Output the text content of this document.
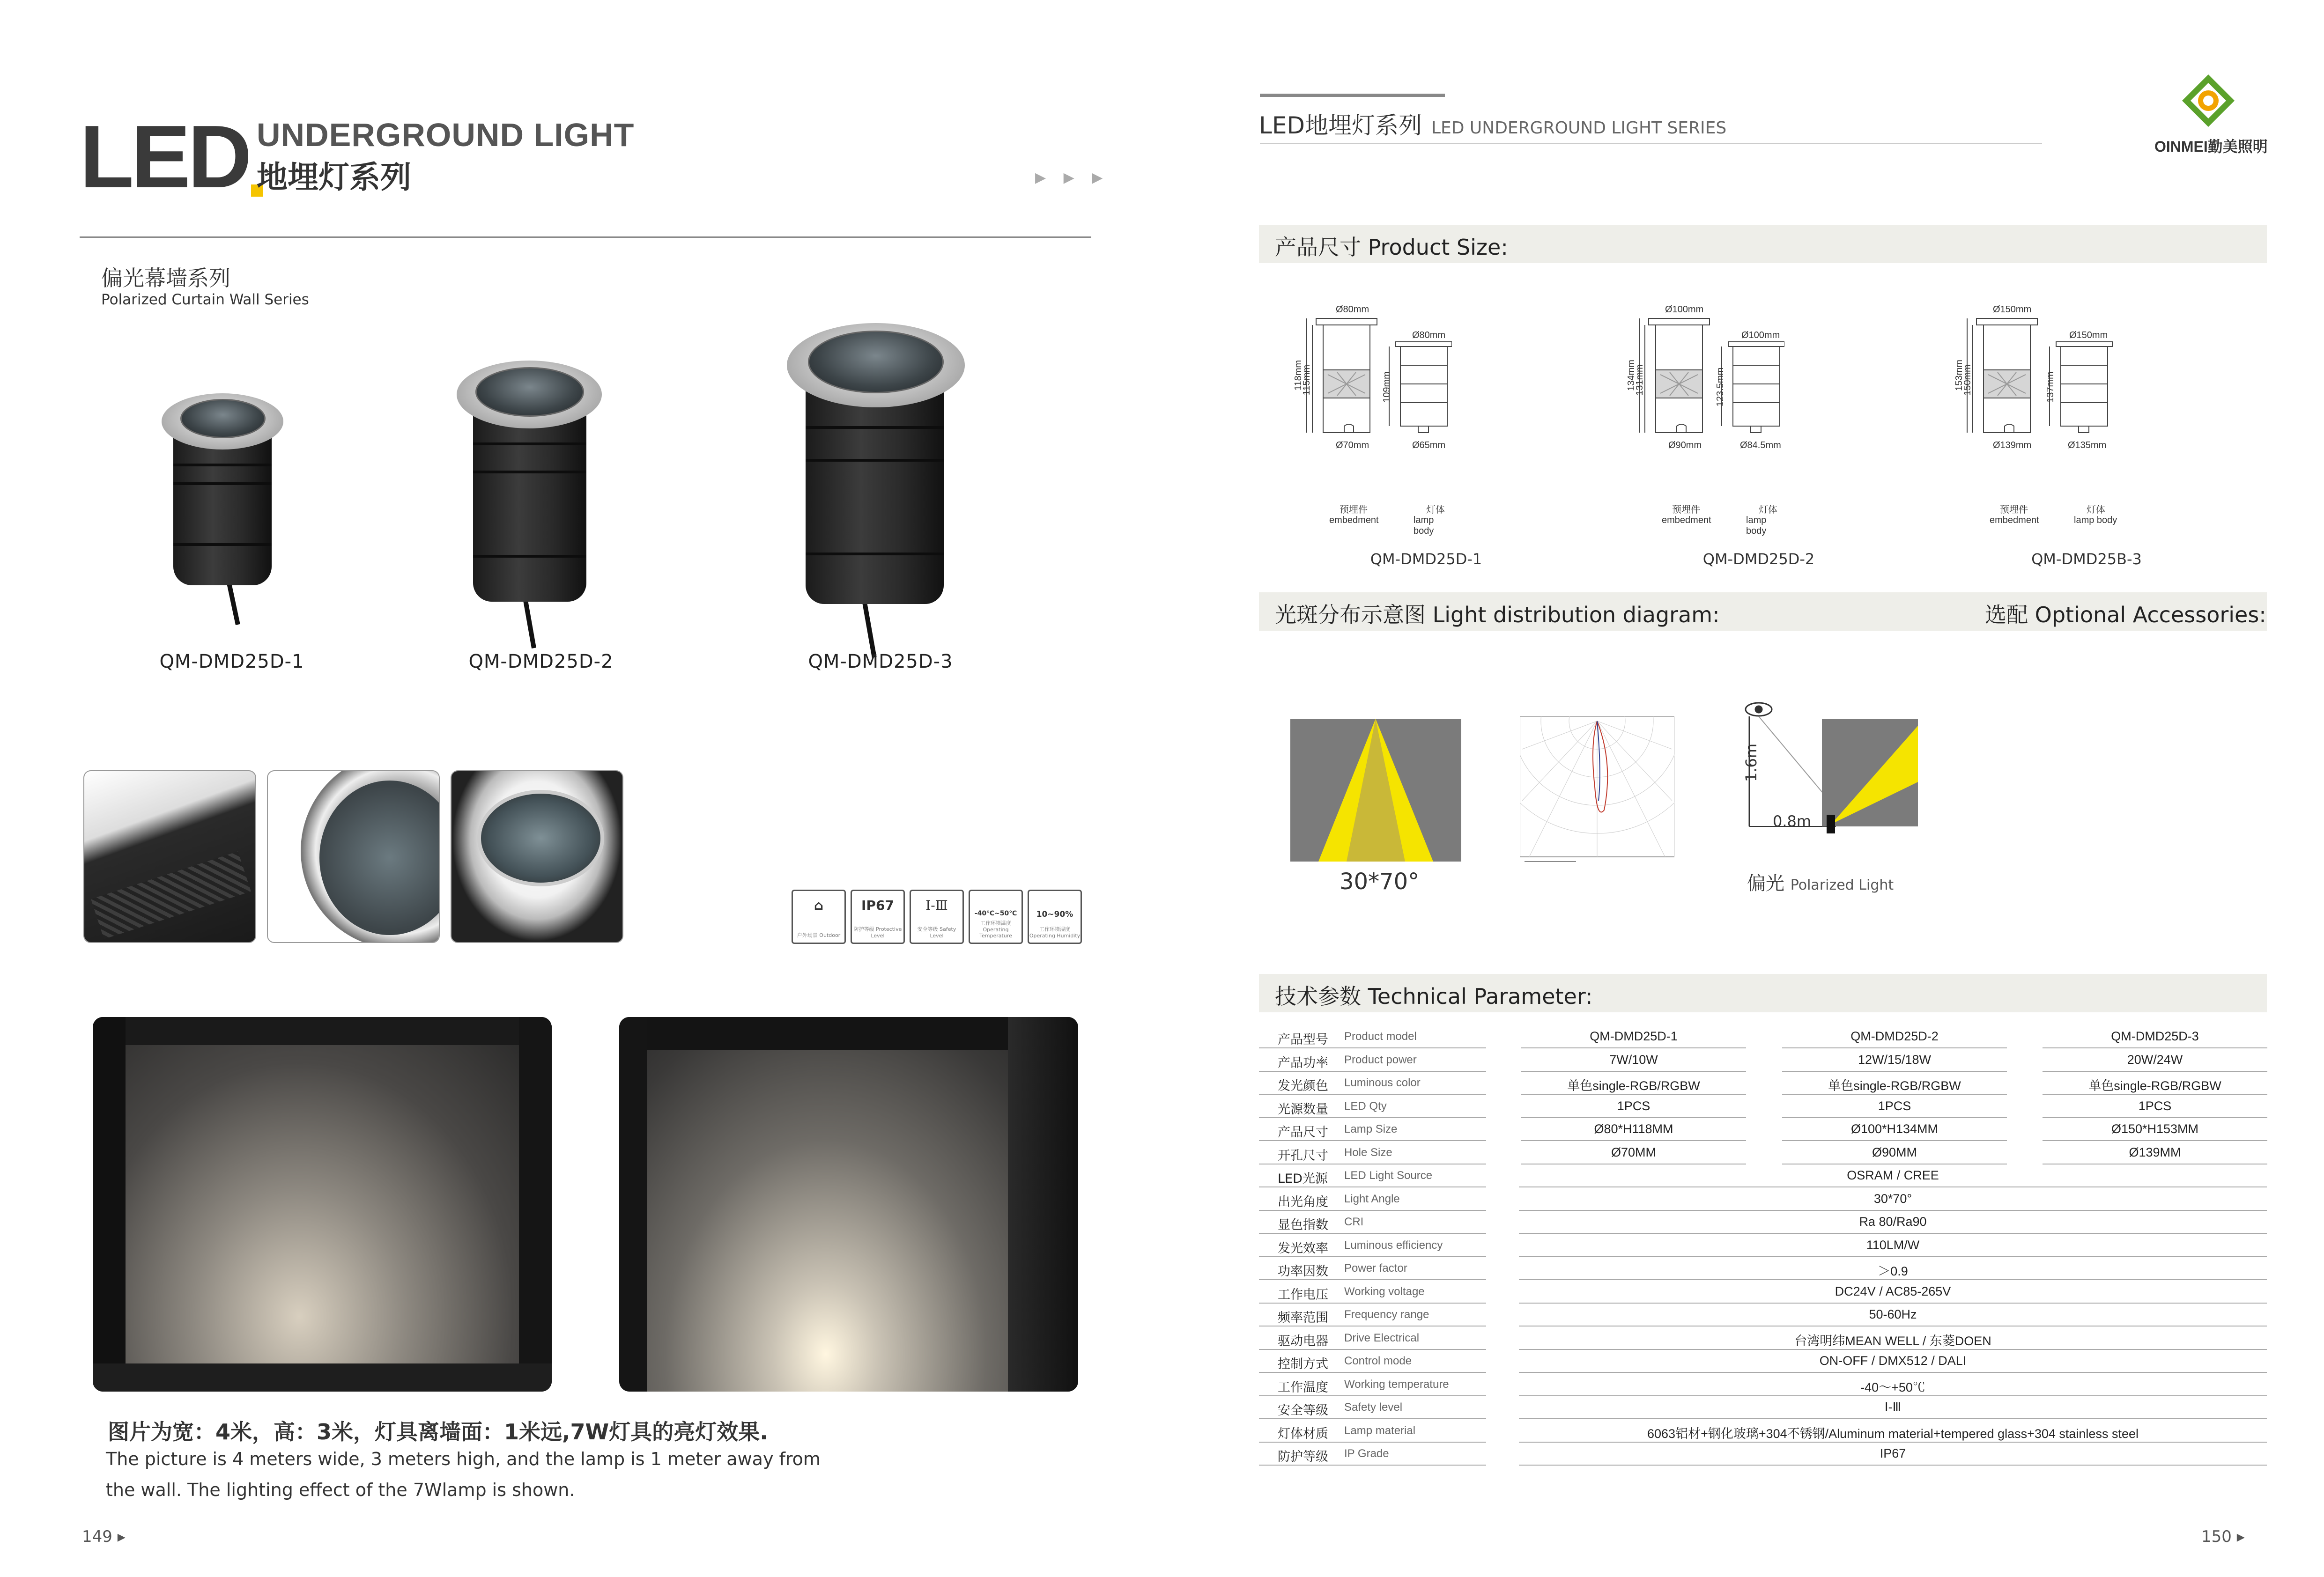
LED UNDERGROUND LIGHT
地埋灯系列	▶ ▶ ▶
偏光幕墙系列
Polarized Curtain Wall Series
QM-DMD25D-1	QM-DMD25D-2	QM-DMD25D-3
⌂
户外场景 Outdoor
IP67
防护等级 Protective Level
Ⅰ-Ⅲ
安全等级 Safety Level
-40℃~50℃
工作环境温度 Operating Temperature
10~90%
工作环境湿度 Operating Humidity
图片为宽：4米，高：3米，灯具离墙面：1米远,7W灯具的亮灯效果.
The picture is 4 meters wide, 3 meters high, and the lamp is 1 meter away from
the wall. The lighting effect of the 7Wlamp is shown.
149 ▸
LED地埋灯系列 LED UNDERGROUND LIGHT SERIES
OINMEI勤美照明
产品尺寸 Product Size:
Ø80mm
Ø70mm
118mm
115mm
Ø80mm
Ø65mm
109mm
预埋件
embedment
灯体
lamp body
QM-DMD25D-1
Ø100mm
Ø90mm
134mm
131mm
Ø100mm
Ø84.5mm
123.5mm
预埋件
embedment
灯体
lamp body
QM-DMD25D-2
Ø150mm
Ø139mm
153mm
150mm
Ø150mm
Ø135mm
137mm
预埋件
embedment
灯体
lamp body
QM-DMD25B-3
光斑分布示意图 Light distribution diagram:	选配 Optional Accessories:
30*70°
1.6m
0.8m
偏光 Polarized Light
技术参数 Technical Parameter:
产品型号 Product model	QM-DMD25D-1	QM-DMD25D-2	QM-DMD25D-3
产品功率 Product power	7W/10W	12W/15/18W	20W/24W
发光颜色 Luminous color	单色single-RGB/RGBW	单色single-RGB/RGBW	单色single-RGB/RGBW
光源数量 LED Qty	1PCS	1PCS	1PCS
产品尺寸 Lamp Size	Ø80*H118MM	Ø100*H134MM	Ø150*H153MM
开孔尺寸 Hole Size	Ø70MM	Ø90MM	Ø139MM
LED光源 LED Light Source	OSRAM / CREE
出光角度 Light Angle	30*70°
显色指数 CRI	Ra 80/Ra90
发光效率 Luminous efficiency	110LM/W
功率因数 Power factor	＞0.9
工作电压 Working voltage	DC24V / AC85-265V
频率范围 Frequency range	50-60Hz
驱动电器 Drive Electrical	台湾明纬MEAN WELL / 东菱DOEN
控制方式 Control mode	ON-OFF / DMX512 / DALI
工作温度 Working temperature	-40～+50℃
安全等级 Safety level	Ⅰ-Ⅲ
灯体材质 Lamp material	6063铝材+钢化玻璃+304不锈钢/Aluminum material+tempered glass+304 stainless steel
防护等级 IP Grade	IP67
150 ▸
